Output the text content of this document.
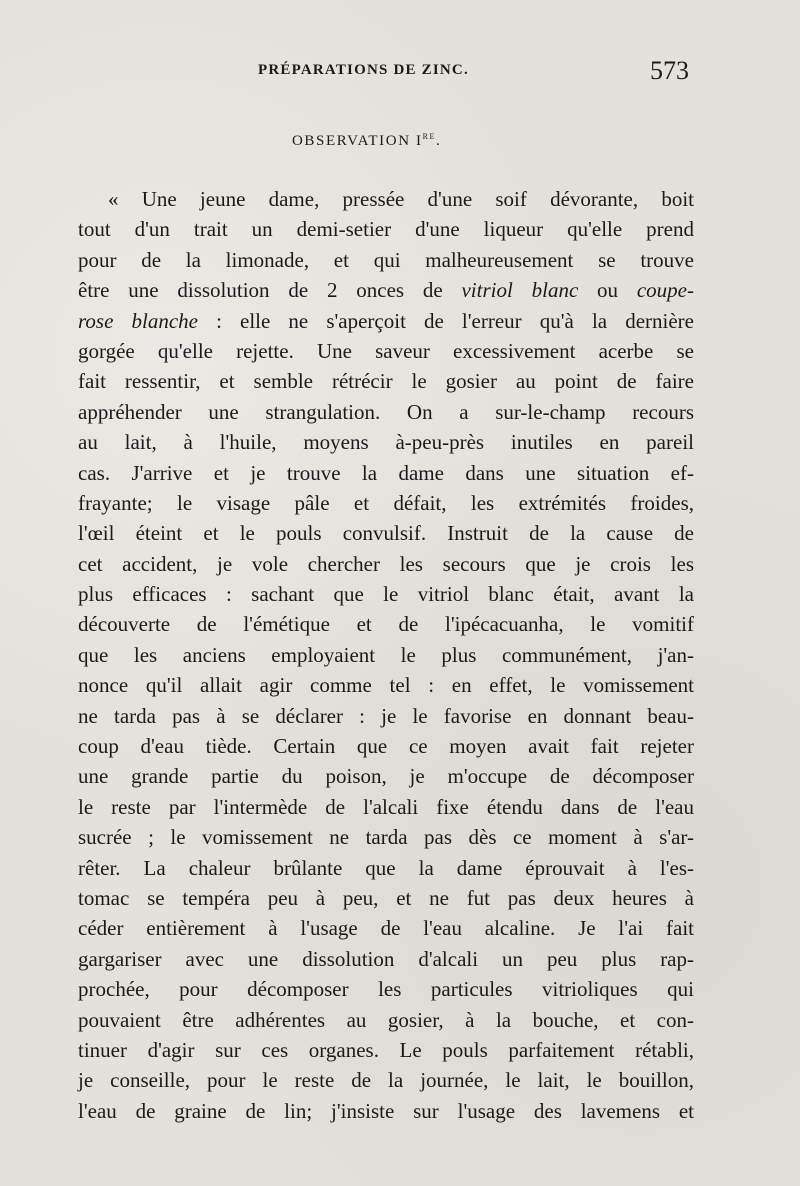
PRÉPARATIONS DE ZINC.	573
OBSERVATION Ire.
« Une jeune dame, pressée d'une soif dévorante, boit
tout d'un trait un demi-setier d'une liqueur qu'elle prend
pour de la limonade, et qui malheureusement se trouve
être une dissolution de 2 onces de vitriol blanc ou coupe-
rose blanche : elle ne s'aperçoit de l'erreur qu'à la dernière
gorgée qu'elle rejette. Une saveur excessivement acerbe se
fait ressentir, et semble rétrécir le gosier au point de faire
appréhender une strangulation. On a sur-le-champ recours
au lait, à l'huile, moyens à-peu-près inutiles en pareil
cas. J'arrive et je trouve la dame dans une situation ef-
frayante; le visage pâle et défait, les extrémités froides,
l'œil éteint et le pouls convulsif. Instruit de la cause de
cet accident, je vole chercher les secours que je crois les
plus efficaces : sachant que le vitriol blanc était, avant la
découverte de l'émétique et de l'ipécacuanha, le vomitif
que les anciens employaient le plus communément, j'an-
nonce qu'il allait agir comme tel : en effet, le vomissement
ne tarda pas à se déclarer : je le favorise en donnant beau-
coup d'eau tiède. Certain que ce moyen avait fait rejeter
une grande partie du poison, je m'occupe de décomposer
le reste par l'intermède de l'alcali fixe étendu dans de l'eau
sucrée ; le vomissement ne tarda pas dès ce moment à s'ar-
rêter. La chaleur brûlante que la dame éprouvait à l'es-
tomac se tempéra peu à peu, et ne fut pas deux heures à
céder entièrement à l'usage de l'eau alcaline. Je l'ai fait
gargariser avec une dissolution d'alcali un peu plus rap-
prochée, pour décomposer les particules vitrioliques qui
pouvaient être adhérentes au gosier, à la bouche, et con-
tinuer d'agir sur ces organes. Le pouls parfaitement rétabli,
je conseille, pour le reste de la journée, le lait, le bouillon,
l'eau de graine de lin; j'insiste sur l'usage des lavemens et
